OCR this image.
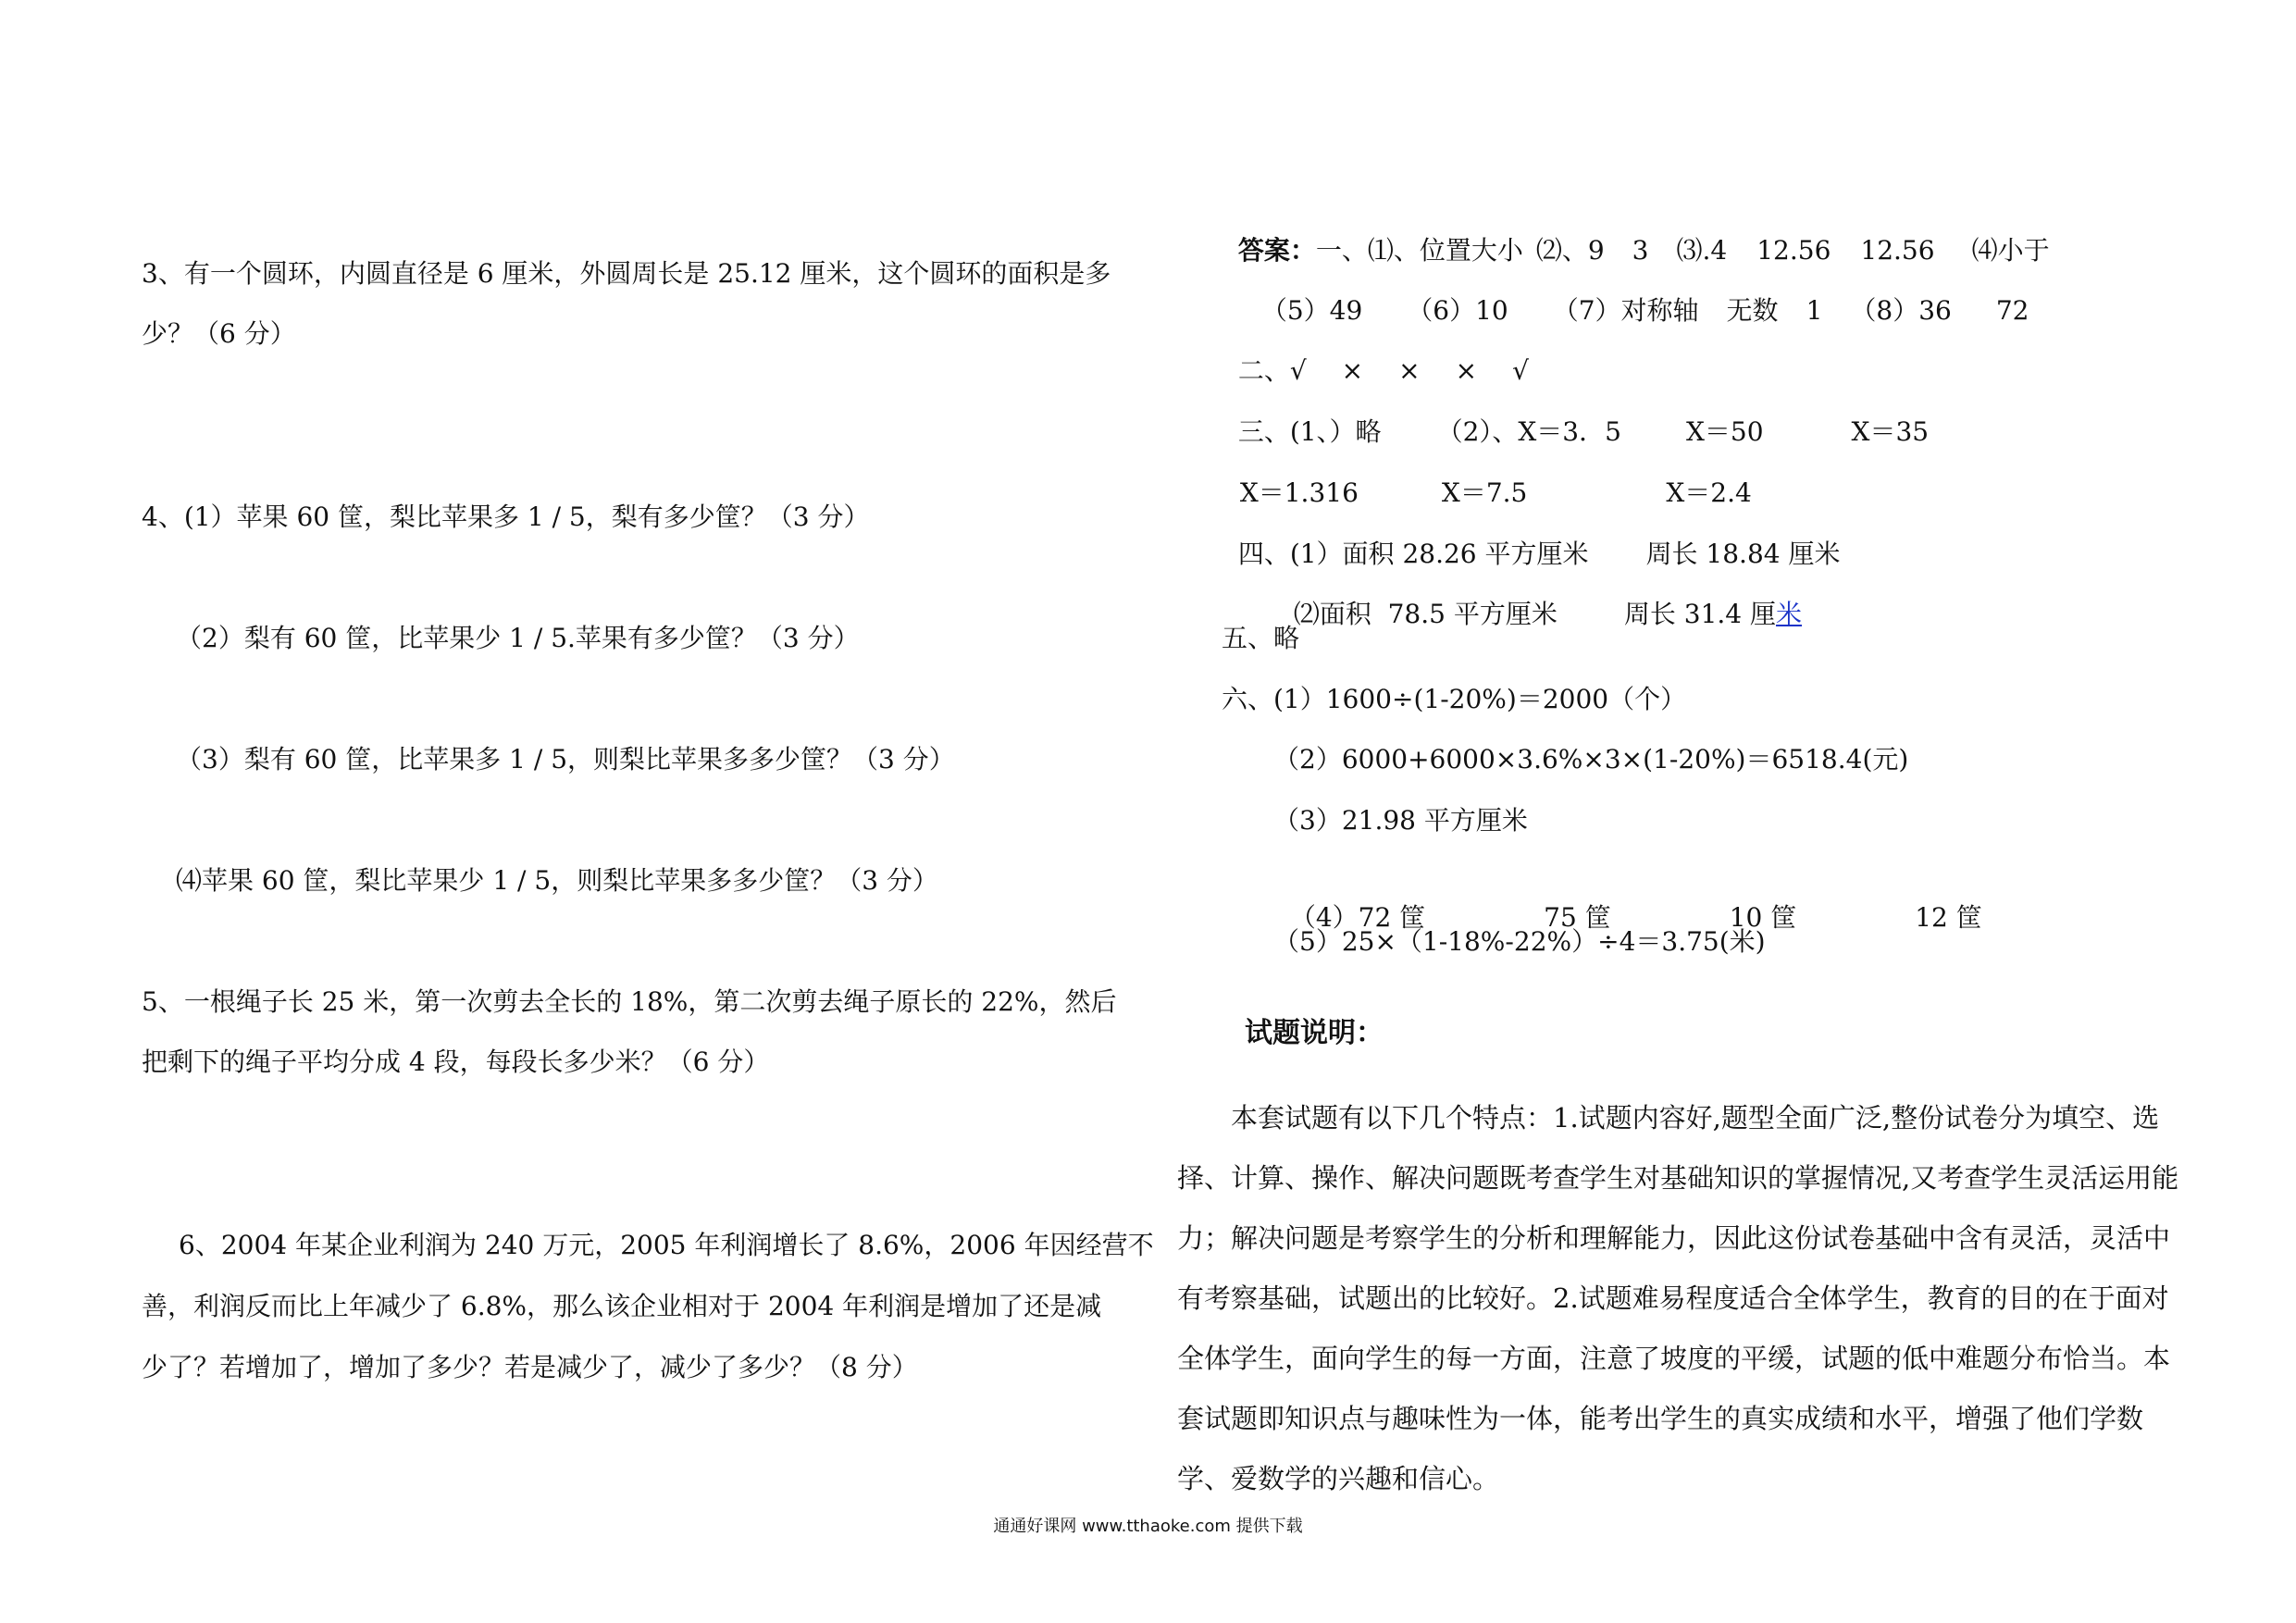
3、有一个圆环，内圆直径是 6 厘米，外圆周长是 25.12 厘米，这个圆环的面积是多
少？（6 分）
4、(1）苹果 60 筐，梨比苹果多 1 / 5，梨有多少筐？（3 分）
（2）梨有 60 筐，比苹果少 1 / 5.苹果有多少筐？（3 分）
（3）梨有 60 筐，比苹果多 1 / 5，则梨比苹果多多少筐？（3 分）
⑷苹果 60 筐，梨比苹果少 1 / 5，则梨比苹果多多少筐？（3 分）
5、一根绳子长 25 米，第一次剪去全长的 18%，第二次剪去绳子原长的 22%，然后
把剩下的绳子平均分成 4 段，每段长多少米？（6 分）
6、2004 年某企业利润为 240 万元，2005 年利润增长了 8.6%，2006 年因经营不
善，利润反而比上年减少了 6.8%，那么该企业相对于 2004 年利润是增加了还是减
少了？若增加了，增加了多少？若是减少了，减少了多少？（8 分）

答案：一、⑴、位置大小 ⑵、9 3 ⑶.4 12.56 12.56 ⑷小于

（5）49 （6）10 （7）对称轴 无数 1 （8）36 72

二、√ × × × √

三、(1、）略 （2）、X＝3．5	X＝50	X＝35

X＝1.316	X＝7.5	X＝2.4

四、(1）面积 28.26 平方厘米 周长 18.84 厘米

⑵面积  78.5 平方厘米	周长 31.4 厘米

五、略
六、(1）1600÷(1-20%)＝2000（个）
（2）6000+6000×3.6%×3×(1-20%)＝6518.4(元)
（3）21.98 平方厘米

（4）72 筐	75 筐	10 筐	12 筐

（5）25×（1-18%-22%）÷4＝3.75(米)
试题说明：
本套试题有以下几个特点：1.试题内容好,题型全面广泛,整份试卷分为填空、选择、计算、操作、解决问题既考查学生对基础知识的掌握情况,又考查学生灵活运用能力；解决问题是考察学生的分析和理解能力，因此这份试卷基础中含有灵活，灵活中有考察基础，试题出的比较好。2.试题难易程度适合全体学生，教育的目的在于面对全体学生，面向学生的每一方面，注意了坡度的平缓，试题的低中难题分布恰当。本套试题即知识点与趣味性为一体，能考出学生的真实成绩和水平，增强了他们学数学、爱数学的兴趣和信心。
通通好课网 www.tthaoke.com 提供下载
